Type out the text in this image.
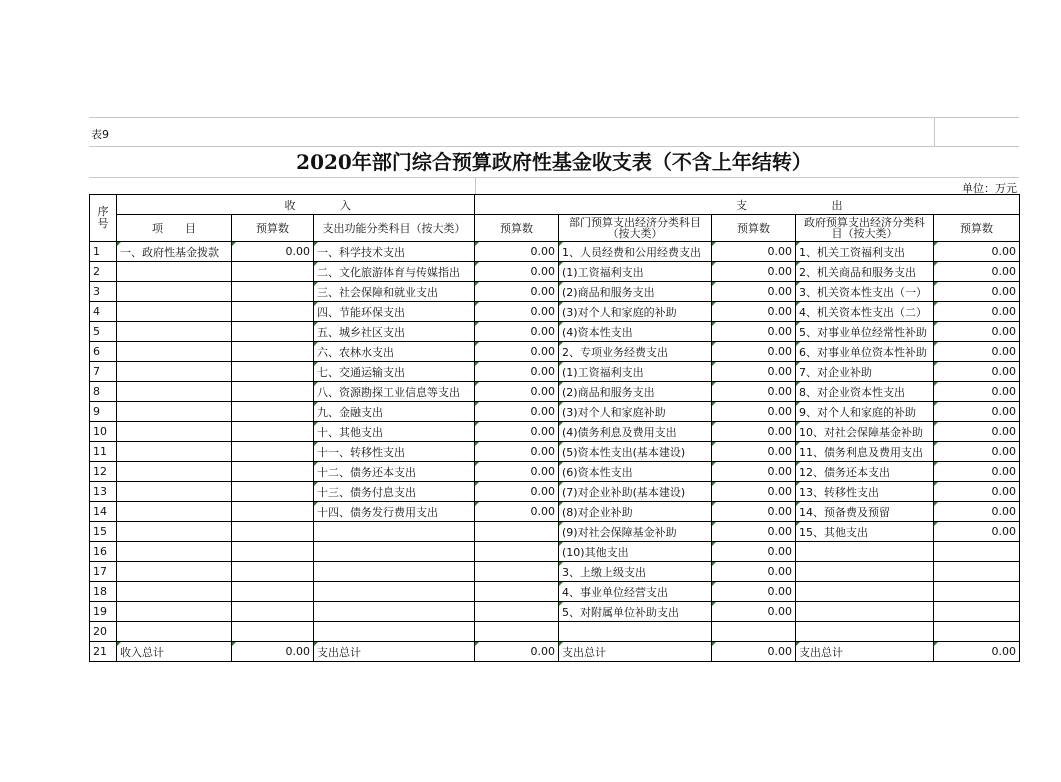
表9
2020年部门综合预算政府性基金收支表（不含上年结转）
单位：万元
序号	收 入			支 出				
	项　　目	预算数	支出功能分类科目（按大类）	预算数	部门预算支出经济分类科目（按大类）	预算数	政府预算支出经济分类科目（按大类）	预算数
1	一、政府性基金拨款	0.00	一、科学技术支出	0.00	1、人员经费和公用经费支出	0.00	1、机关工资福利支出	0.00
2			二、文化旅游体育与传媒指出	0.00	(1)工资福利支出	0.00	2、机关商品和服务支出	0.00
3			三、社会保障和就业支出	0.00	(2)商品和服务支出	0.00	3、机关资本性支出（一）	0.00
4			四、节能环保支出	0.00	(3)对个人和家庭的补助	0.00	4、机关资本性支出（二）	0.00
5			五、城乡社区支出	0.00	(4)资本性支出	0.00	5、对事业单位经常性补助	0.00
6			六、农林水支出	0.00	2、专项业务经费支出	0.00	6、对事业单位资本性补助	0.00
7			七、交通运输支出	0.00	(1)工资福利支出	0.00	7、对企业补助	0.00
8			八、资源勘探工业信息等支出	0.00	(2)商品和服务支出	0.00	8、对企业资本性支出	0.00
9			九、金融支出	0.00	(3)对个人和家庭补助	0.00	9、对个人和家庭的补助	0.00
10			十、其他支出	0.00	(4)债务利息及费用支出	0.00	10、对社会保障基金补助	0.00
11			十一、转移性支出	0.00	(5)资本性支出(基本建设)	0.00	11、债务利息及费用支出	0.00
12			十二、债务还本支出	0.00	(6)资本性支出	0.00	12、债务还本支出	0.00
13			十三、债务付息支出	0.00	(7)对企业补助(基本建设)	0.00	13、转移性支出	0.00
14			十四、债务发行费用支出	0.00	(8)对企业补助	0.00	14、预备费及预留	0.00
15					(9)对社会保障基金补助	0.00	15、其他支出	0.00
16					(10)其他支出	0.00		
17					3、上缴上级支出	0.00		
18					4、事业单位经营支出	0.00		
19					5、对附属单位补助支出	0.00		
20								
21	收入总计	0.00	支出总计	0.00	支出总计	0.00	支出总计	0.00
